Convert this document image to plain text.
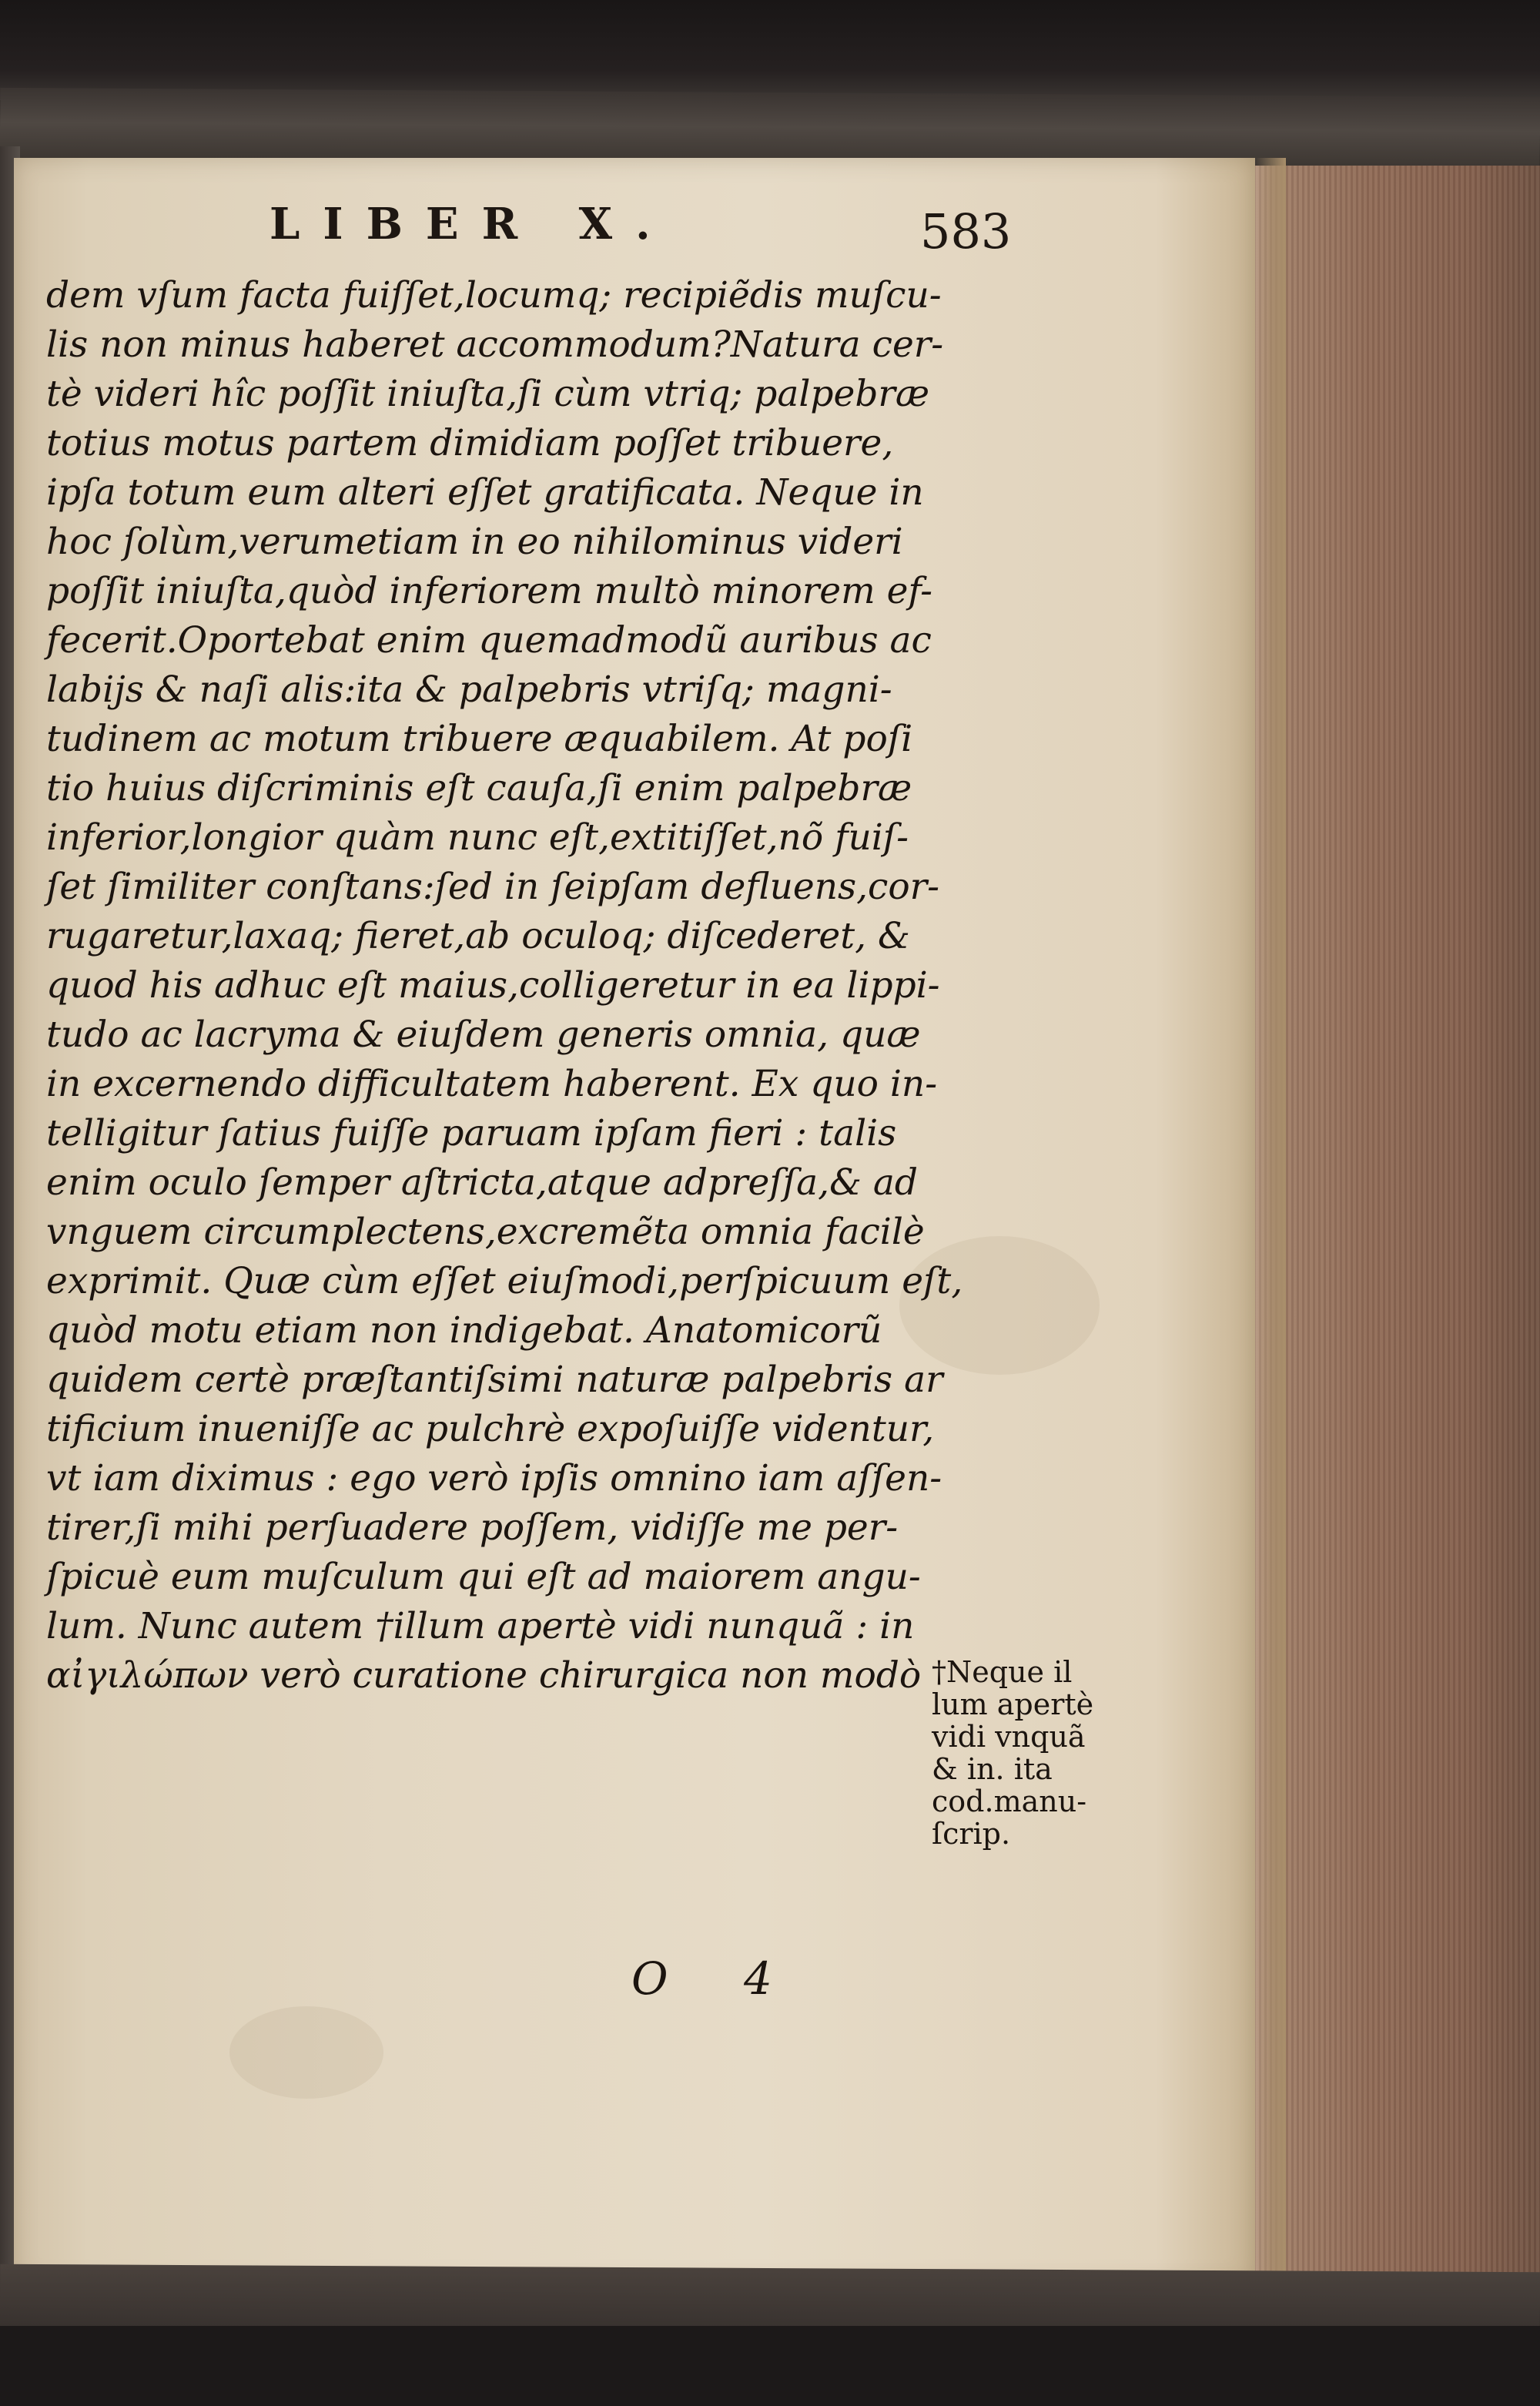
LIBER X.	583
dem vſum facta fuiſſet,locumq; recipiẽdis muſcu-
lis non minus haberet accommodum?Natura cer-
tè videri hîc poſſit iniuſta,ſi cùm vtriq; palpebræ
totius motus partem dimidiam poſſet tribuere,
ipſa totum eum alteri eſſet gratificata. Neque in
hoc ſolùm,verumetiam in eo nihilominus videri
poſſit iniuſta,quòd inferiorem multò minorem ef-
fecerit.Oportebat enim quemadmodũ auribus ac
labijs & naſi alis:ita & palpebris vtriſq; magni-
tudinem ac motum tribuere æquabilem. At poſi
tio huius diſcriminis eſt cauſa,ſi enim palpebræ
inferior,longior quàm nunc eſt,extitiſſet,nõ fuiſ-
ſet ſimiliter conſtans:ſed in ſeipſam defluens,cor-
rugaretur,laxaq; fieret,ab oculoq; diſcederet, &
quod his adhuc eſt maius,colligeretur in ea lippi-
tudo ac lacryma & eiuſdem generis omnia, quæ
in excernendo difficultatem haberent. Ex quo in-
telligitur ſatius fuiſſe paruam ipſam fieri : talis
enim oculo ſemper aſtricta,atque adpreſſa,& ad
vnguem circumplectens,excremẽta omnia facilè
exprimit. Quæ cùm eſſet eiuſmodi,perſpicuum eſt,
quòd motu etiam non indigebat. Anatomicorũ
quidem certè præſtantiſsimi naturæ palpebris ar
tificium inueniſſe ac pulchrè expoſuiſſe videntur,
vt iam diximus : ego verò ipſis omnino iam aſſen-
tirer,ſi mihi perſuadere poſſem, vidiſſe me per-
ſpicuè eum muſculum qui eſt ad maiorem angu-
lum. Nunc autem †illum apertè vidi nunquã : in
αἰγιλώπων verò curatione chirurgica non modò †Neque il
lum apertè
vidi vnquã
& in. ita
cod.manu-
ſcrip.
O 4
